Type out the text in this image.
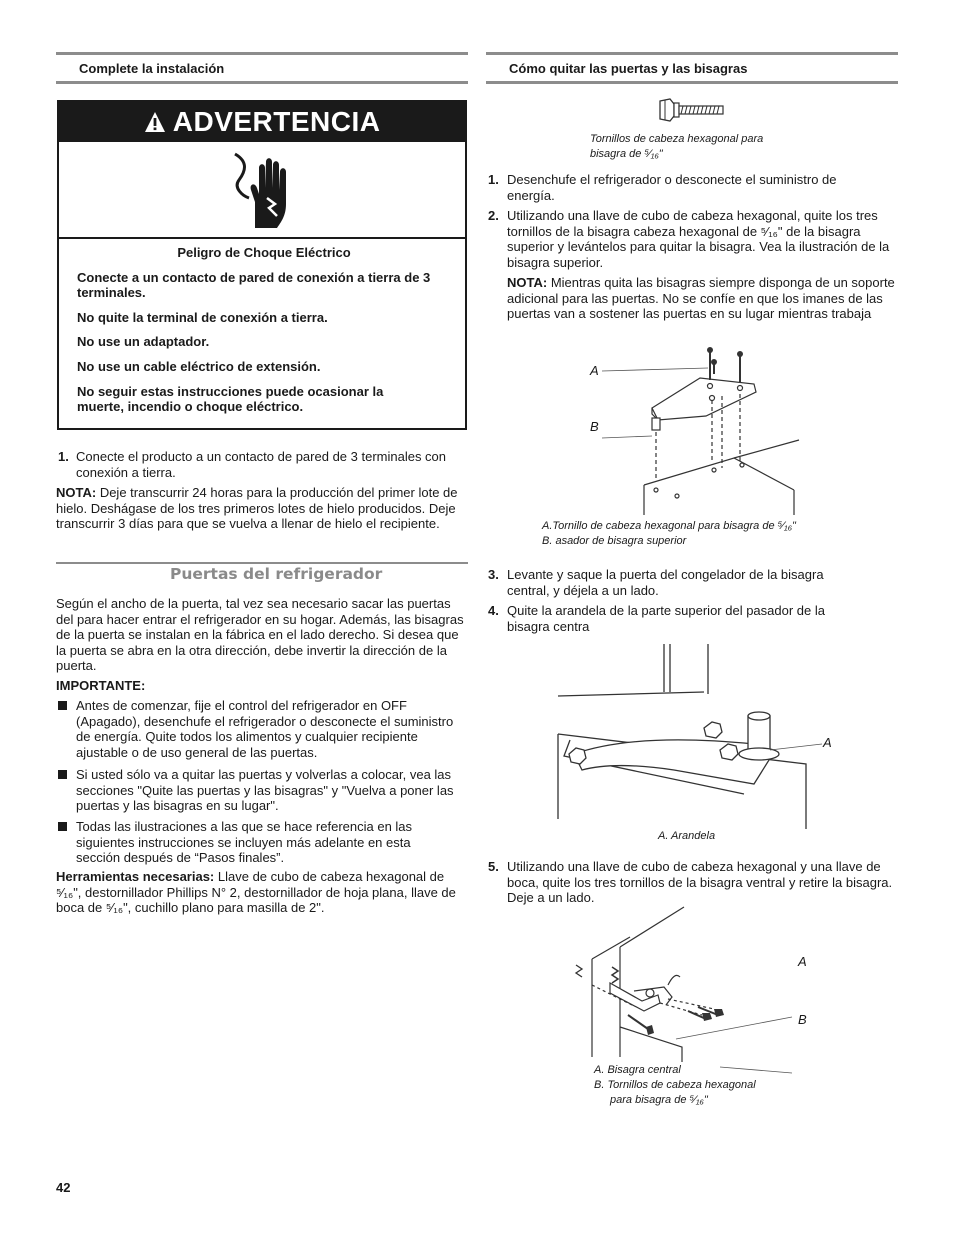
Complete la instalación
ADVERTENCIA

Peligro de Choque Eléctrico

Conecte a un contacto de pared de conexión a tierra de 3 terminales.

No quite la terminal de conexión a tierra.

No use un adaptador.

No use un cable eléctrico de extensión.

No seguir estas instrucciones puede ocasionar la muerte, incendio o choque eléctrico.

1. Conecte el producto a un contacto de pared de 3 terminales con conexión a tierra.

NOTA: Deje transcurrir 24 horas para la producción del primer lote de hielo. Deshágase de los tres primeros lotes de hielo producidos. Deje transcurrir 3 días para que se vuelva a llenar de hielo el recipiente.

Puertas del refrigerador

Según el ancho de la puerta, tal vez sea necesario sacar las puertas del para hacer entrar el refrigerador en su hogar. Además, las bisagras de la puerta se instalan en la fábrica en el lado derecho. Si desea que la puerta se abra en la otra dirección, debe invertir la dirección de la puerta.

IMPORTANTE:

Antes de comenzar, fije el control del refrigerador en OFF (Apagado), desenchufe el refrigerador o desconecte el suministro de energía. Quite todos los alimentos y cualquier recipiente ajustable o de uso general de las puertas.

Si usted sólo va a quitar las puertas y volverlas a colocar, vea las secciones "Quite las puertas y las bisagras" y "Vuelva a poner las puertas y las bisagras en su lugar".

Todas las ilustraciones a las que se hace referencia en las siguientes instrucciones se incluyen más adelante en esta sección después de “Pasos finales”.

Herramientas necesarias: Llave de cubo de cabeza hexagonal de ⁵⁄₁₆", destornillador Phillips N° 2, destornillador de hoja plana, llave de boca de ⁵⁄₁₆", cuchillo plano para masilla de 2".

Cómo quitar las puertas y las bisagras
Tornillos de cabeza hexagonal para
bisagra de ⁵⁄₁₆"
1. Desenchufe el refrigerador o desconecte el suministro de energía.

2. Utilizando una llave de cubo de cabeza hexagonal, quite los tres tornillos de la bisagra cabeza hexagonal de ⁵⁄₁₆" de la bisagra superior y levántelos para quitar la bisagra. Vea la ilustración de la bisagra superior.

NOTA: Mientras quita las bisagras siempre disponga de un soporte adicional para las puertas. No se confíe en que los imanes de las puertas van a sostener las puertas en su lugar mientras trabaja

A
B
A.Tornillo de cabeza hexagonal para bisagra de ⁵⁄₁₆"
B. asador de bisagra superior
3. Levante y saque la puerta del congelador de la bisagra central, y déjela a un lado.

4. Quite la arandela de la parte superior del pasador de la bisagra centra

A
A. Arandela
5. Utilizando una llave de cubo de cabeza hexagonal y una llave de boca, quite los tres tornillos de la bisagra ventral y retire la bisagra. Deje a un lado.

A
B
A. Bisagra central
B. Tornillos de cabeza hexagonal
para bisagra de ⁵⁄₁₆"
42
